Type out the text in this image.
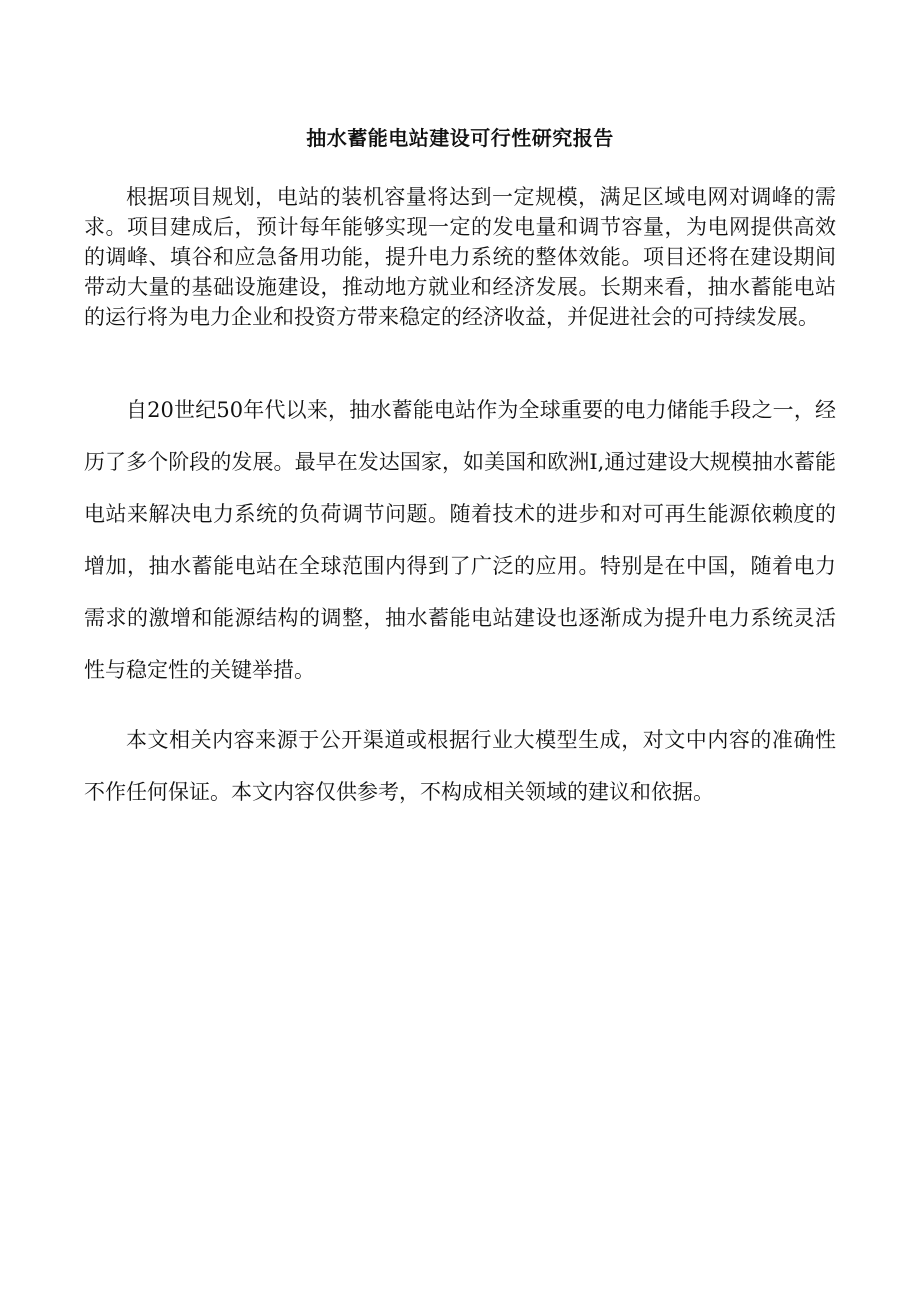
抽水蓄能电站建设可行性研究报告

根据项目规划，电站的装机容量将达到一定规模，满足区域电网对调峰的需求。项目建成后，预计每年能够实现一定的发电量和调节容量，为电网提供高效的调峰、填谷和应急备用功能，提升电力系统的整体效能。项目还将在建设期间带动大量的基础设施建设，推动地方就业和经济发展。长期来看，抽水蓄能电站的运行将为电力企业和投资方带来稳定的经济收益，并促进社会的可持续发展。

自20世纪50年代以来，抽水蓄能电站作为全球重要的电力储能手段之一，经历了多个阶段的发展。最早在发达国家，如美国和欧洲I,通过建设大规模抽水蓄能电站来解决电力系统的负荷调节问题。随着技术的进步和对可再生能源依赖度的增加，抽水蓄能电站在全球范围内得到了广泛的应用。特别是在中国，随着电力需求的激增和能源结构的调整，抽水蓄能电站建设也逐渐成为提升电力系统灵活性与稳定性的关键举措。

本文相关内容来源于公开渠道或根据行业大模型生成，对文中内容的准确性不作任何保证。本文内容仅供参考，不构成相关领域的建议和依据。
